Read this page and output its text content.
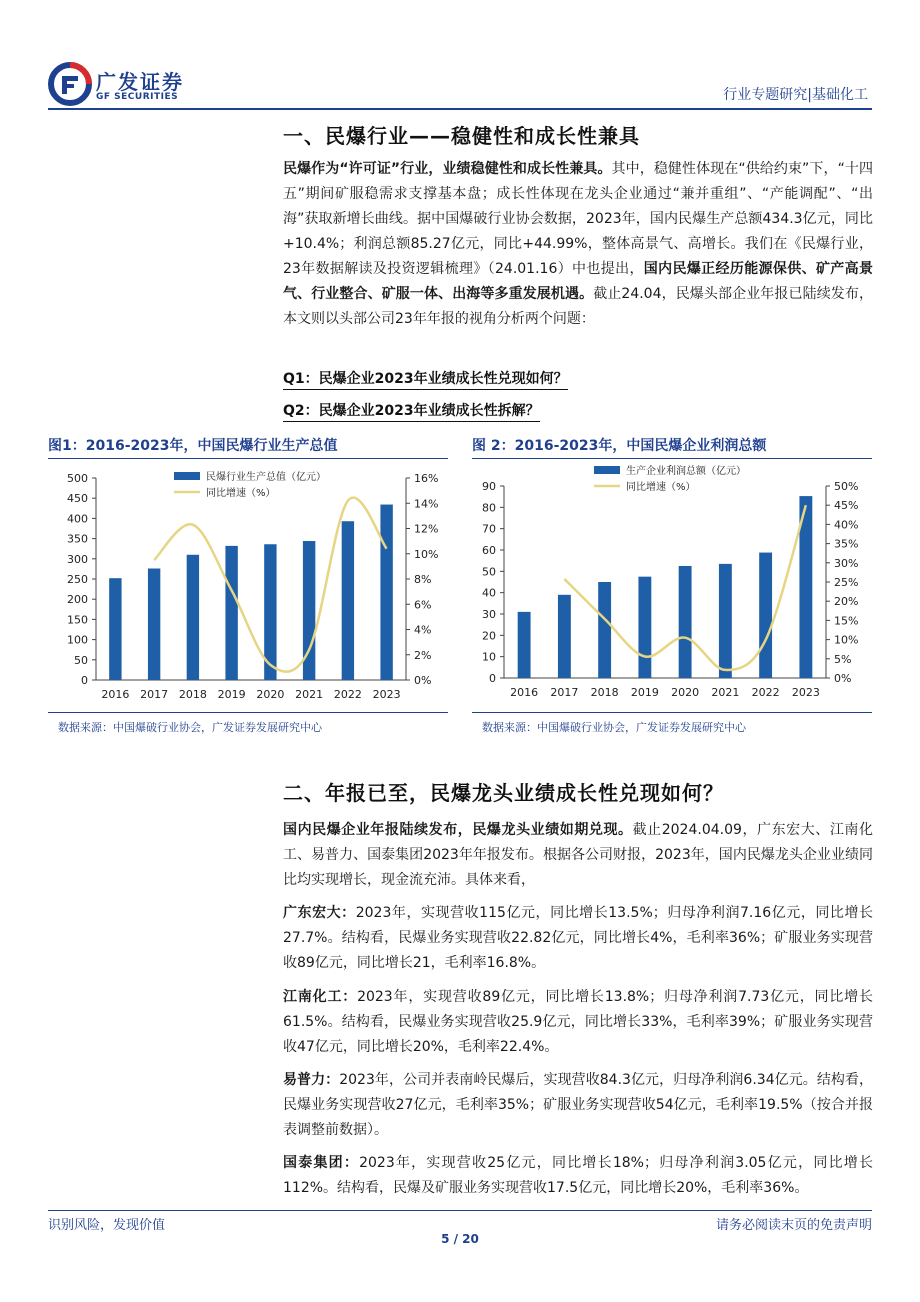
广发证券
GF SECURITIES	行业专题研究|基础化工
一、民爆行业——稳健性和成长性兼具
民爆作为“许可证”行业，业绩稳健性和成长性兼具。其中，稳健性体现在“供给约束”下，“十四五”期间矿服稳需求支撑基本盘；成长性体现在龙头企业通过“兼并重组”、“产能调配”、“出海”获取新增长曲线。据中国爆破行业协会数据，2023年，国内民爆生产总额434.3亿元，同比+10.4%；利润总额85.27亿元，同比+44.99%，整体高景气、高增长。我们在《民爆行业，23年数据解读及投资逻辑梳理》（24.01.16）中也提出，国内民爆正经历能源保供、矿产高景气、行业整合、矿服一体、出海等多重发展机遇。截止24.04，民爆头部企业年报已陆续发布，本文则以头部公司23年年报的视角分析两个问题：
Q1：民爆企业2023年业绩成长性兑现如何？
Q2：民爆企业2023年业绩成长性拆解？
图1：2016-2023年，中国民爆行业生产总值
0
50
100
150
200
250
300
350
400
450
500
0%
2%
4%
6%
8%
10%
12%
14%
16%
2016 2017 2018 2019 2020 2021 2022 2023
民爆行业生产总值（亿元）
同比增速（%）
数据来源：中国爆破行业协会，广发证券发展研究中心
图 2：2016-2023年，中国民爆企业利润总额
0
10
20
30
40
50
60
70
80
90
0%
5%
10%
15%
20%
25%
30%
35%
40%
45%
50%
2016 2017 2018 2019 2020 2021 2022 2023
生产企业利润总额（亿元）
同比增速（%）
数据来源：中国爆破行业协会，广发证券发展研究中心
二、年报已至，民爆龙头业绩成长性兑现如何？
国内民爆企业年报陆续发布，民爆龙头业绩如期兑现。截止2024.04.09，广东宏大、江南化工、易普力、国泰集团2023年年报发布。根据各公司财报，2023年，国内民爆龙头企业业绩同比均实现增长，现金流充沛。具体来看，
广东宏大：2023年，实现营收115亿元，同比增长13.5%；归母净利润7.16亿元，同比增长27.7%。结构看，民爆业务实现营收22.82亿元，同比增长4%，毛利率36%；矿服业务实现营收89亿元，同比增长21，毛利率16.8%。
江南化工：2023年，实现营收89亿元，同比增长13.8%；归母净利润7.73亿元，同比增长61.5%。结构看，民爆业务实现营收25.9亿元，同比增长33%，毛利率39%；矿服业务实现营收47亿元，同比增长20%，毛利率22.4%。
易普力：2023年，公司并表南岭民爆后，实现营收84.3亿元，归母净利润6.34亿元。结构看，民爆业务实现营收27亿元，毛利率35%；矿服业务实现营收54亿元，毛利率19.5%（按合并报表调整前数据）。
国泰集团：2023年，实现营收25亿元，同比增长18%；归母净利润3.05亿元，同比增长112%。结构看，民爆及矿服业务实现营收17.5亿元，同比增长20%，毛利率36%。
识别风险，发现价值	请务必阅读末页的免责声明
5 / 20
